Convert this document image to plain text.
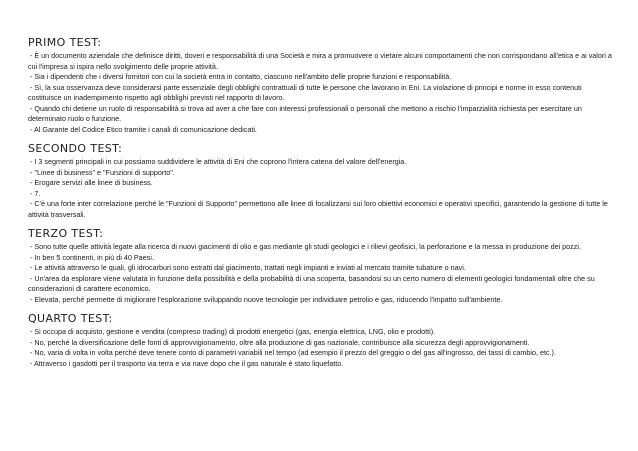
PRIMO TEST:

- È un documento aziendale che definisce diritti, doveri e responsabilità di una Società e mira a promuovere o vietare alcuni comportamenti che non corrispondano all'etica e ai valori a cui l'impresa si ispira nello svolgimento delle proprie attività.

- Sia i dipendenti che i diversi fornitori con cui la società entra in contatto, ciascuno nell'ambito delle proprie funzioni e responsabilità.

- Sì, la sua osservanza deve considerarsi parte essenziale degli obblighi contrattuali di tutte le persone che lavorano in Eni. La violazione di principi e norme in esso contenuti costituisce un inadempimento rispetto agli obblighi previsti nel rapporto di lavoro.

- Quando chi detiene un ruolo di responsabilità si trova ad aver a che fare con interessi professionali o personali che mettono a rischio l'imparzialità richiesta per esercitare un determinato ruolo o funzione.

- Al Garante del Codice Etico tramite i canali di comunicazione dedicati.

SECONDO TEST:

- I 3 segmenti principali in cui possiamo suddividere le attività di Eni che coprono l'intera catena del valore dell'energia.

- "Linee di business" e "Funzioni di supporto".

- Erogare servizi alle linee di business.

- 7.

- C'è una forte inter correlazione perché le "Funzioni di Supporto" permettono alle linee di focalizzarsi sui loro obiettivi economici e operativi specifici, garantendo la gestione di tutte le attività trasversali.

TERZO TEST:

- Sono tutte quelle attività legate alla ricerca di nuovi giacimenti di olio e gas mediante gli studi geologici e i rilievi geofisici, la perforazione e la messa in produzione dei pozzi.

- In ben 5 continenti, in più di 40 Paesi.

- Le attività attraverso le quali, gli idrocarburi sono estratti dal giacimento, trattati negli impianti e inviati al mercato tramite tubature o navi.

- Un'area da esplorare viene valutata in funzione della possibilità e della probabilità di una scoperta, basandosi su un certo numero di elementi geologici fondamentali oltre che su considerazioni di carattere economico.

- Elevata, perché permette di migliorare l'esplorazione sviluppando nuove tecnologie per individuare petrolio e gas, riducendo l'impatto sull'ambiente.

QUARTO TEST:

- Si occupa di acquisto, gestione e vendita (compreso trading) di prodotti energetici (gas, energia elettrica, LNG, olio e prodotti).

- No, perché la diversificazione delle fonti di approvvigionamento, oltre alla produzione di gas nazionale, contribuisce alla sicurezza degli approvvigionamenti.

- No, varia di volta in volta perché deve tenere conto di parametri variabili nel tempo (ad esempio il prezzo del greggio o del gas all'ingrosso, dei tassi di cambio, etc.).

- Attraverso i gasdotti per il trasporto via terra e via nave dopo che il gas naturale è stato liquefatto.
